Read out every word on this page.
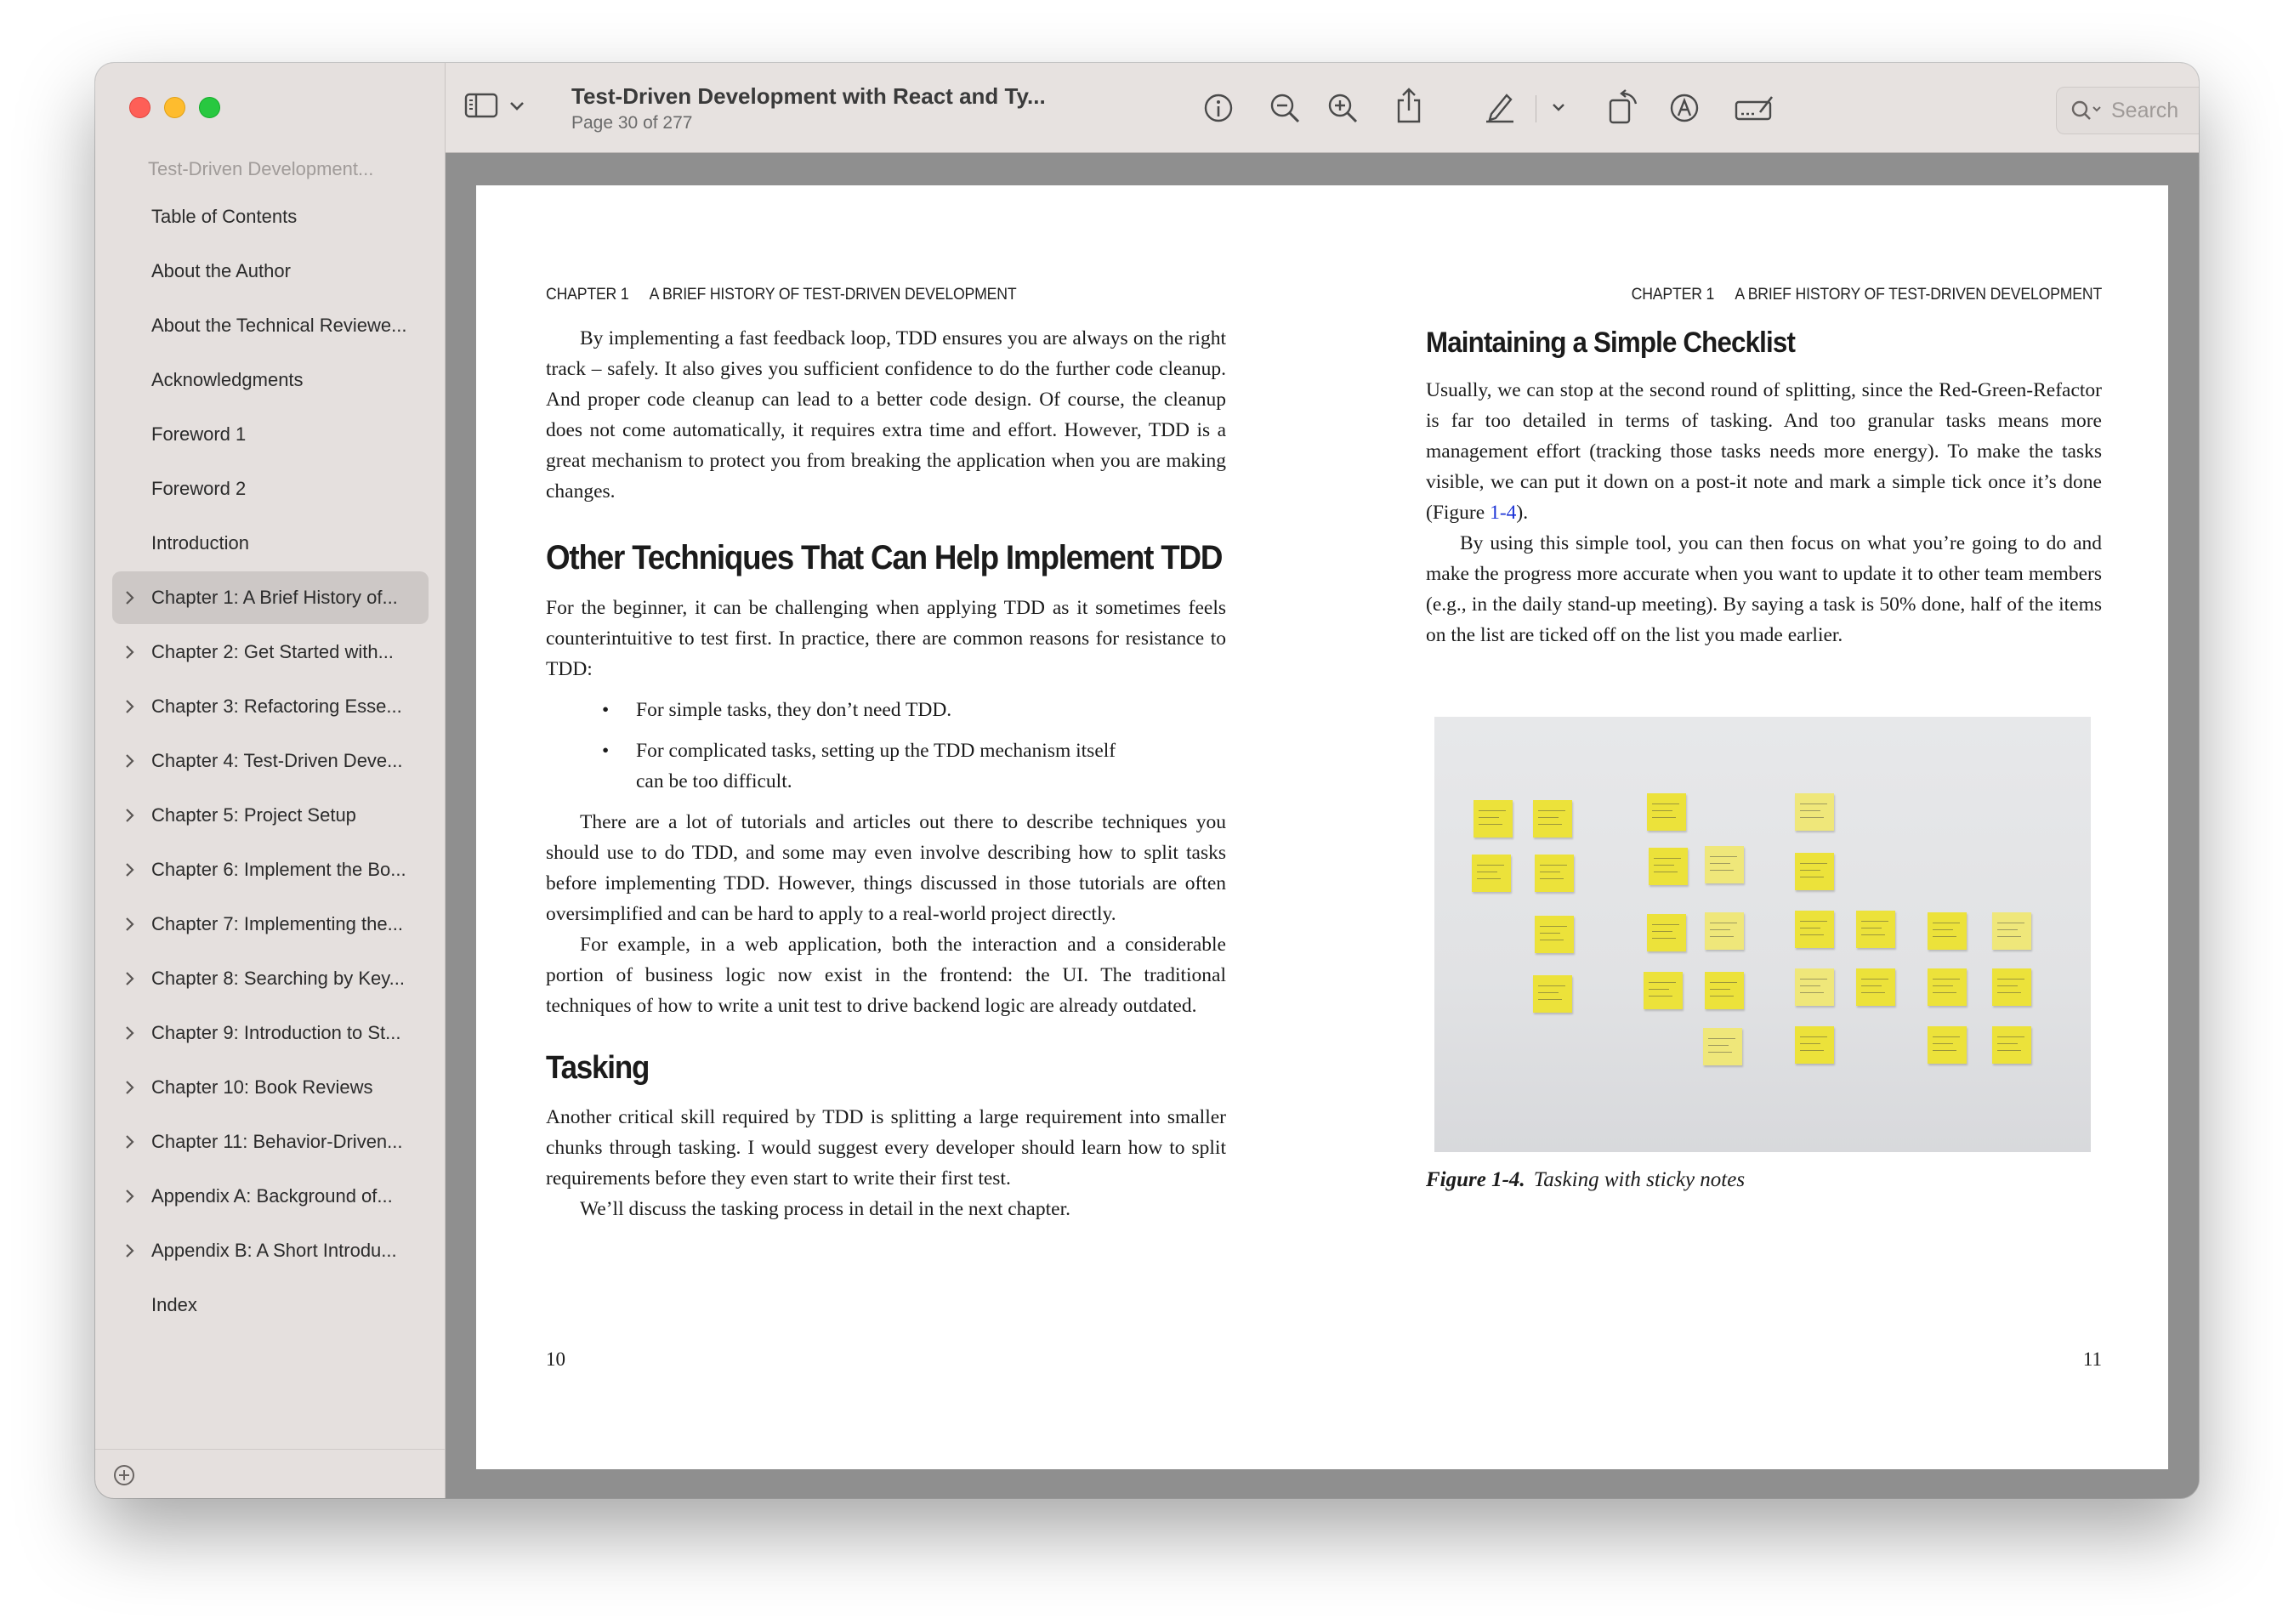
Test-Driven Development...
Table of Contents
About the Author
About the Technical Reviewe...
Acknowledgments
Foreword 1
Foreword 2
Introduction
Chapter 1: A Brief History of...
Chapter 2: Get Started with...
Chapter 3: Refactoring Esse...
Chapter 4: Test-Driven Deve...
Chapter 5: Project Setup
Chapter 6: Implement the Bo...
Chapter 7: Implementing the...
Chapter 8: Searching by Key...
Chapter 9: Introduction to St...
Chapter 10: Book Reviews
Chapter 11: Behavior-Driven...
Appendix A: Background of...
Appendix B: A Short Introdu...
Index
Test-Driven Development with React and Ty...
Page 30 of 277
Search
CHAPTER 1 A BRIEF HISTORY OF TEST-DRIVEN DEVELOPMENT

By implementing a fast feedback loop, TDD ensures you are always on the right track – safely. It also gives you sufficient confidence to do the further code cleanup. And proper code cleanup can lead to a better code design. Of course, the cleanup does not come automatically, it requires extra time and effort. However, TDD is a great mechanism to protect you from breaking the application when you are making changes.

Other Techniques That Can Help Implement TDD

For the beginner, it can be challenging when applying TDD as it sometimes feels counterintuitive to test first. In practice, there are common reasons for resistance to TDD:

• For simple tasks, they don’t need TDD.
• For complicated tasks, setting up the TDD mechanism itself can be too difficult.

There are a lot of tutorials and articles out there to describe techniques you should use to do TDD, and some may even involve describing how to split tasks before implementing TDD. However, things discussed in those tutorials are often oversimplified and can be hard to apply to a real-world project directly.

For example, in a web application, both the interaction and a considerable portion of business logic now exist in the frontend: the UI. The traditional techniques of how to write a unit test to drive backend logic are already outdated.

Tasking

Another critical skill required by TDD is splitting a large requirement into smaller chunks through tasking. I would suggest every developer should learn how to split requirements before they even start to write their first test.

We’ll discuss the tasking process in detail in the next chapter.

10
CHAPTER 1 A BRIEF HISTORY OF TEST-DRIVEN DEVELOPMENT
Maintaining a Simple Checklist

Usually, we can stop at the second round of splitting, since the Red-Green-Refactor is far too detailed in terms of tasking. And too granular tasks means more management effort (tracking those tasks needs more energy). To make the tasks visible, we can put it down on a post-it note and mark a simple tick once it’s done (Figure 1-4).

By using this simple tool, you can then focus on what you’re going to do and make the progress more accurate when you want to update it to other team members (e.g., in the daily stand-up meeting). By saying a task is 50% done, half of the items on the list are ticked off on the list you made earlier.

Figure 1-4. Tasking with sticky notes
11
